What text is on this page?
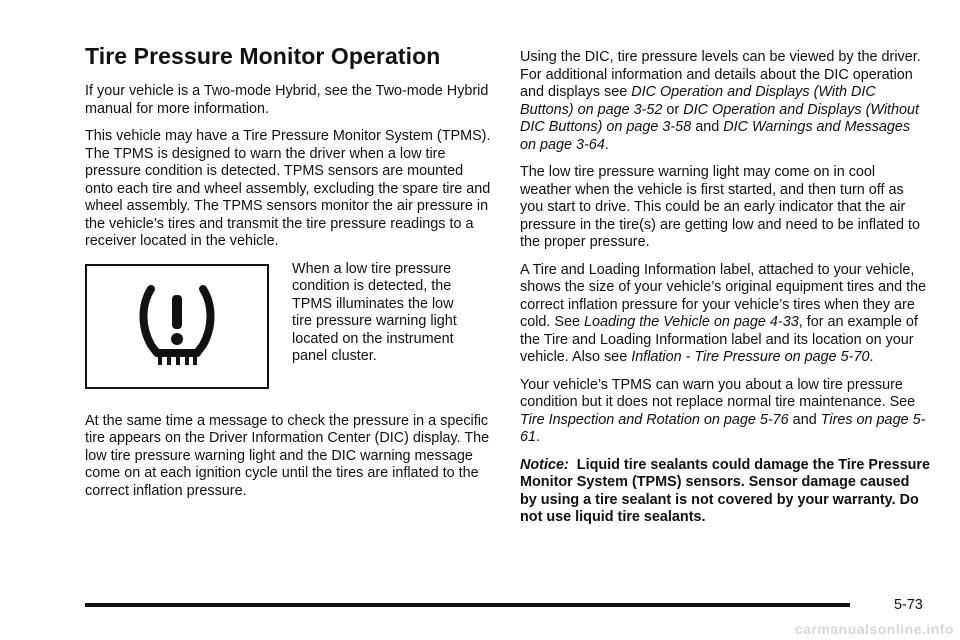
Tire Pressure Monitor Operation

If your vehicle is a Two-mode Hybrid, see the Two-mode Hybrid manual for more information.

This vehicle may have a Tire Pressure Monitor System (TPMS). The TPMS is designed to warn the driver when a low tire pressure condition is detected. TPMS sensors are mounted onto each tire and wheel assembly, excluding the spare tire and wheel assembly. The TPMS sensors monitor the air pressure in the vehicle’s tires and transmit the tire pressure readings to a receiver located in the vehicle.

When a low tire pressure condition is detected, the TPMS illuminates the low tire pressure warning light located on the instrument panel cluster.

At the same time a message to check the pressure in a specific tire appears on the Driver Information Center (DIC) display. The low tire pressure warning light and the DIC warning message come on at each ignition cycle until the tires are inflated to the correct inflation pressure.

Using the DIC, tire pressure levels can be viewed by the driver. For additional information and details about the DIC operation and displays see DIC Operation and Displays (With DIC Buttons) on page 3-52 or DIC Operation and Displays (Without DIC Buttons) on page 3-58 and DIC Warnings and Messages on page 3-64.

The low tire pressure warning light may come on in cool weather when the vehicle is first started, and then turn off as you start to drive. This could be an early indicator that the air pressure in the tire(s) are getting low and need to be inflated to the proper pressure.

A Tire and Loading Information label, attached to your vehicle, shows the size of your vehicle’s original equipment tires and the correct inflation pressure for your vehicle’s tires when they are cold. See Loading the Vehicle on page 4-33, for an example of the Tire and Loading Information label and its location on your vehicle. Also see Inflation - Tire Pressure on page 5-70.

Your vehicle’s TPMS can warn you about a low tire pressure condition but it does not replace normal tire maintenance. See Tire Inspection and Rotation on page 5-76 and Tires on page 5-61.

Notice: Liquid tire sealants could damage the Tire Pressure Monitor System (TPMS) sensors. Sensor damage caused by using a tire sealant is not covered by your warranty. Do not use liquid tire sealants.

5-73
carmanualsonline.info
